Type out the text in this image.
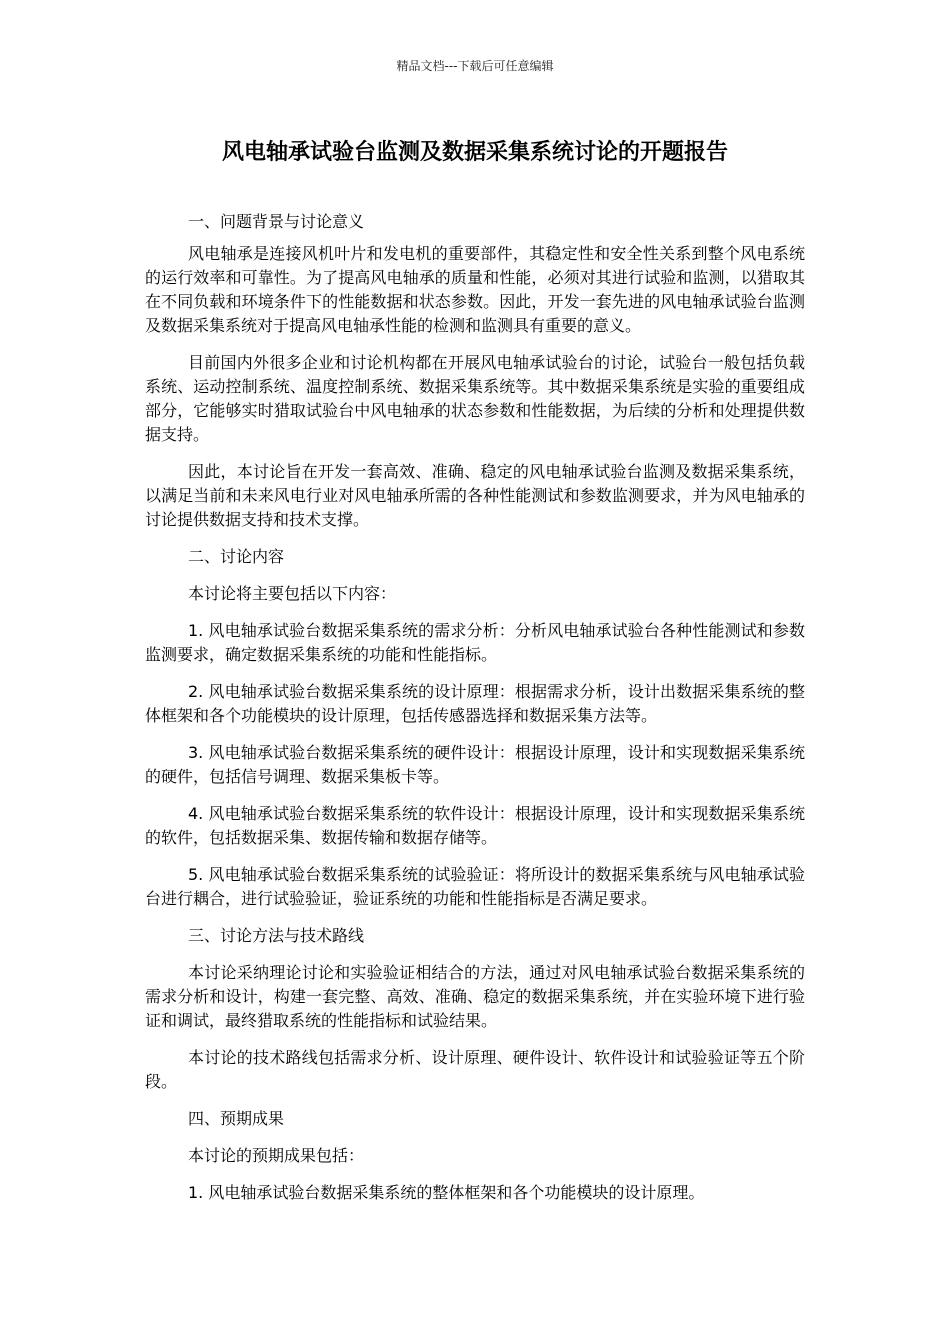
精品文档---下载后可任意编辑
风电轴承试验台监测及数据采集系统讨论的开题报告

一、问题背景与讨论意义

风电轴承是连接风机叶片和发电机的重要部件，其稳定性和安全性关系到整个风电系统的运行效率和可靠性。为了提高风电轴承的质量和性能，必须对其进行试验和监测，以猎取其在不同负载和环境条件下的性能数据和状态参数。因此，开发一套先进的风电轴承试验台监测及数据采集系统对于提高风电轴承性能的检测和监测具有重要的意义。

目前国内外很多企业和讨论机构都在开展风电轴承试验台的讨论，试验台一般包括负载系统、运动控制系统、温度控制系统、数据采集系统等。其中数据采集系统是实验的重要组成部分，它能够实时猎取试验台中风电轴承的状态参数和性能数据，为后续的分析和处理提供数据支持。

因此，本讨论旨在开发一套高效、准确、稳定的风电轴承试验台监测及数据采集系统，以满足当前和未来风电行业对风电轴承所需的各种性能测试和参数监测要求，并为风电轴承的讨论提供数据支持和技术支撑。

二、讨论内容

本讨论将主要包括以下内容：

1. 风电轴承试验台数据采集系统的需求分析：分析风电轴承试验台各种性能测试和参数监测要求，确定数据采集系统的功能和性能指标。

2. 风电轴承试验台数据采集系统的设计原理：根据需求分析，设计出数据采集系统的整体框架和各个功能模块的设计原理，包括传感器选择和数据采集方法等。

3. 风电轴承试验台数据采集系统的硬件设计：根据设计原理，设计和实现数据采集系统的硬件，包括信号调理、数据采集板卡等。

4. 风电轴承试验台数据采集系统的软件设计：根据设计原理，设计和实现数据采集系统的软件，包括数据采集、数据传输和数据存储等。

5. 风电轴承试验台数据采集系统的试验验证：将所设计的数据采集系统与风电轴承试验台进行耦合，进行试验验证，验证系统的功能和性能指标是否满足要求。

三、讨论方法与技术路线

本讨论采纳理论讨论和实验验证相结合的方法，通过对风电轴承试验台数据采集系统的需求分析和设计，构建一套完整、高效、准确、稳定的数据采集系统，并在实验环境下进行验证和调试，最终猎取系统的性能指标和试验结果。

本讨论的技术路线包括需求分析、设计原理、硬件设计、软件设计和试验验证等五个阶段。

四、预期成果

本讨论的预期成果包括：

1. 风电轴承试验台数据采集系统的整体框架和各个功能模块的设计原理。
